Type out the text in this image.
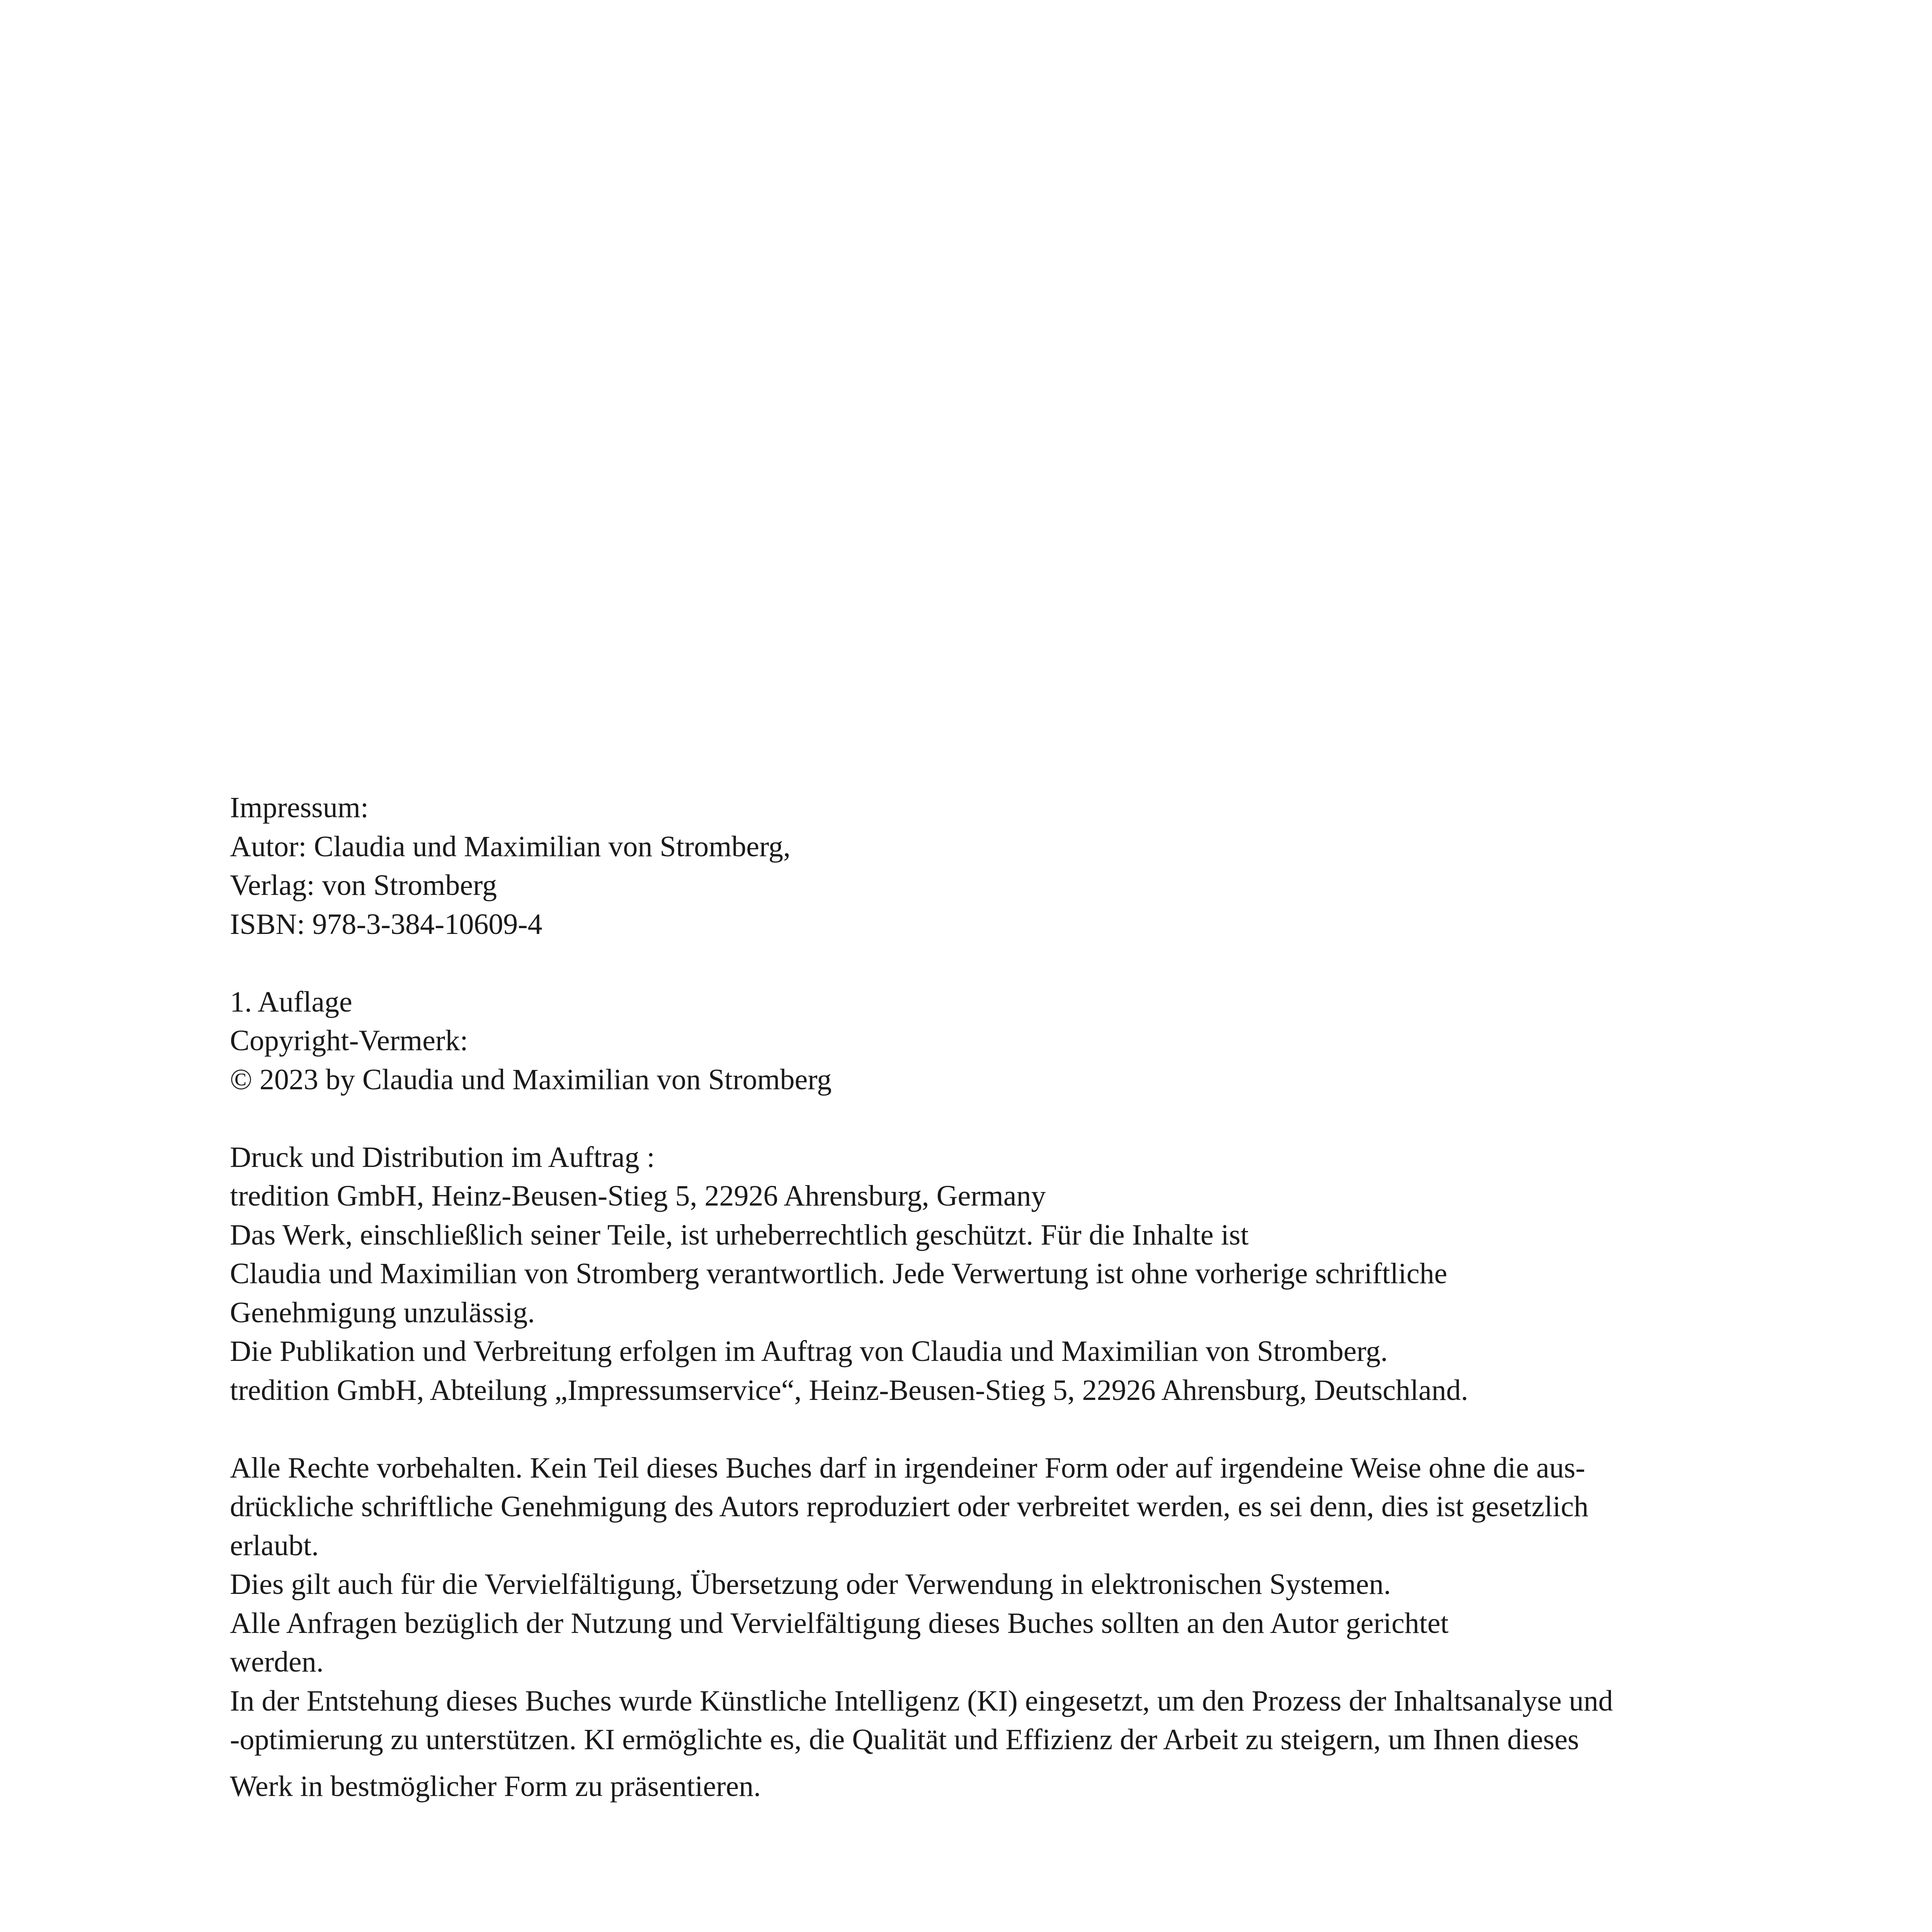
Impressum:
Autor: Claudia und Maximilian von Stromberg,
Verlag: von Stromberg
ISBN: 978-3-384-10609-4
1. Auflage
Copyright-Vermerk:
© 2023 by Claudia und Maximilian von Stromberg
Druck und Distribution im Auftrag :
tredition GmbH, Heinz-Beusen-Stieg 5, 22926 Ahrensburg, Germany
Das Werk, einschließlich seiner Teile, ist urheberrechtlich geschützt. Für die Inhalte ist
Claudia und Maximilian von Stromberg verantwortlich. Jede Verwertung ist ohne vorherige schriftliche
Genehmigung unzulässig.
Die Publikation und Verbreitung erfolgen im Auftrag von Claudia und Maximilian von Stromberg.
tredition GmbH, Abteilung „Impressumservice“, Heinz-Beusen-Stieg 5, 22926 Ahrensburg, Deutschland.
Alle Rechte vorbehalten. Kein Teil dieses Buches darf in irgendeiner Form oder auf irgendeine Weise ohne die aus-
drückliche schriftliche Genehmigung des Autors reproduziert oder verbreitet werden, es sei denn, dies ist gesetzlich
erlaubt.
Dies gilt auch für die Vervielfältigung, Übersetzung oder Verwendung in elektronischen Systemen.
Alle Anfragen bezüglich der Nutzung und Vervielfältigung dieses Buches sollten an den Autor gerichtet
werden.
In der Entstehung dieses Buches wurde Künstliche Intelligenz (KI) eingesetzt, um den Prozess der Inhaltsanalyse und
-optimierung zu unterstützen. KI ermöglichte es, die Qualität und Effizienz der Arbeit zu steigern, um Ihnen dieses
Werk in bestmöglicher Form zu präsentieren.
